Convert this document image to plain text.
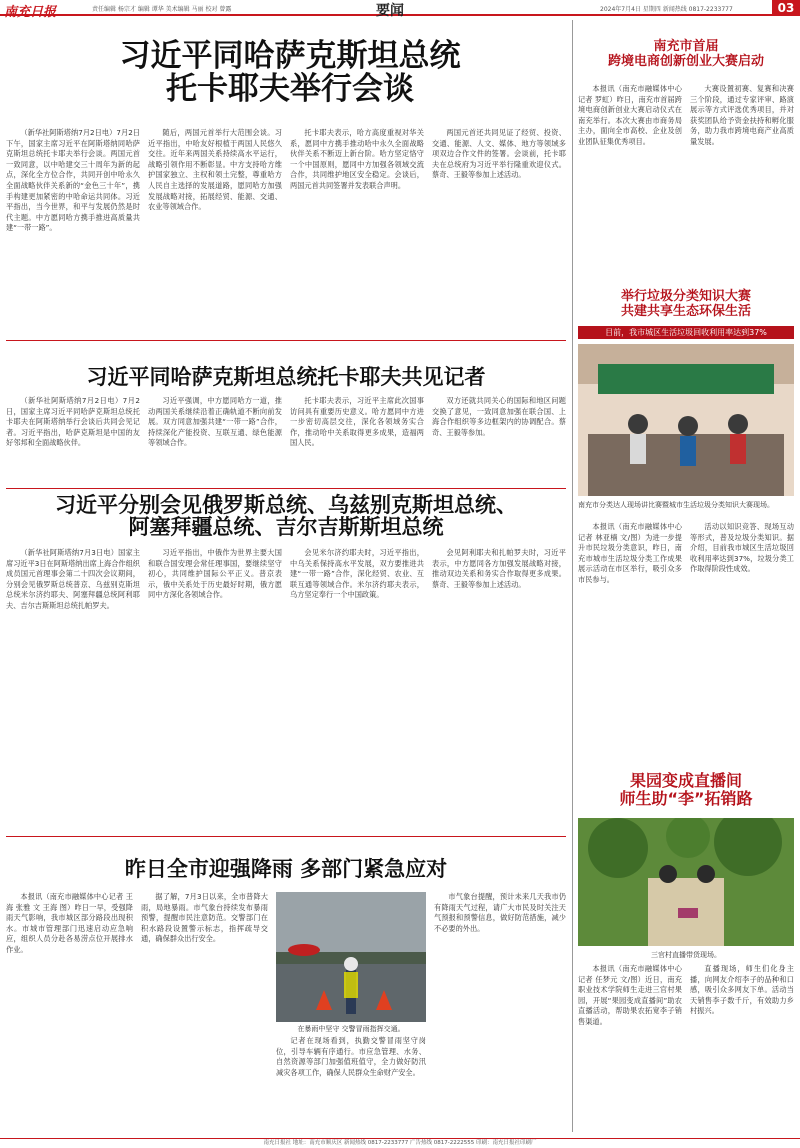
南充日报	责任编辑 杨宗才 编辑 谭华 美术编辑 马丽 校对 曾露	要闻	2024年7月4日 星期四 新闻热线 0817-2233777	03
习近平同哈萨克斯坦总统
托卡耶夫举行会谈

（新华社阿斯塔纳7月2日电）7月2日下午，国家主席习近平在阿斯塔纳同哈萨克斯坦总统托卡耶夫举行会谈。两国元首一致同意，以中哈建交三十周年为新的起点，深化全方位合作，共同开创中哈永久全面战略伙伴关系新的“金色三十年”，携手构建更加紧密的中哈命运共同体。习近平指出，当今世界，和平与发展仍然是时代主题。中方愿同哈方携手推进高质量共建“一带一路”。

随后，两国元首举行大范围会谈。习近平指出，中哈友好根植于两国人民悠久交往。近年来两国关系持续高水平运行，战略引领作用不断彰显。中方支持哈方维护国家独立、主权和领土完整，尊重哈方人民自主选择的发展道路，愿同哈方加强发展战略对接，拓展经贸、能源、交通、农业等领域合作。

托卡耶夫表示，哈方高度重视对华关系，愿同中方携手推动哈中永久全面战略伙伴关系不断迈上新台阶。哈方坚定恪守一个中国原则，愿同中方加强各领域交流合作，共同维护地区安全稳定。会谈后，两国元首共同签署并发表联合声明。

两国元首还共同见证了经贸、投资、交通、能源、人文、媒体、地方等领域多项双边合作文件的签署。会谈前，托卡耶夫在总统府为习近平举行隆重欢迎仪式。蔡奇、王毅等参加上述活动。

习近平同哈萨克斯坦总统托卡耶夫共见记者

（新华社阿斯塔纳7月2日电）7月2日，国家主席习近平同哈萨克斯坦总统托卡耶夫在阿斯塔纳举行会谈后共同会见记者。习近平指出，哈萨克斯坦是中国的友好邻邦和全面战略伙伴。

习近平强调，中方愿同哈方一道，推动两国关系继续沿着正确轨道不断向前发展。双方同意加强共建“一带一路”合作，持续深化产能投资、互联互通、绿色能源等领域合作。

托卡耶夫表示，习近平主席此次国事访问具有重要历史意义。哈方愿同中方进一步密切高层交往，深化各领域务实合作，推动哈中关系取得更多成果，造福两国人民。

双方还就共同关心的国际和地区问题交换了意见，一致同意加强在联合国、上海合作组织等多边框架内的协调配合。蔡奇、王毅等参加。

习近平分别会见俄罗斯总统、乌兹别克斯坦总统、
阿塞拜疆总统、吉尔吉斯斯坦总统

（新华社阿斯塔纳7月3日电）国家主席习近平3日在阿斯塔纳出席上海合作组织成员国元首理事会第二十四次会议期间，分别会见俄罗斯总统普京、乌兹别克斯坦总统米尔济约耶夫、阿塞拜疆总统阿利耶夫、吉尔吉斯斯坦总统扎帕罗夫。

习近平指出，中俄作为世界主要大国和联合国安理会常任理事国，要继续坚守初心，共同维护国际公平正义。普京表示，俄中关系处于历史最好时期，俄方愿同中方深化各领域合作。

会见米尔济约耶夫时，习近平指出，中乌关系保持高水平发展，双方要推进共建“一带一路”合作，深化经贸、农业、互联互通等领域合作。米尔济约耶夫表示，乌方坚定奉行一个中国政策。

会见阿利耶夫和扎帕罗夫时，习近平表示，中方愿同各方加强发展战略对接，推动双边关系和务实合作取得更多成果。蔡奇、王毅等参加上述活动。

昨日全市迎强降雨 多部门紧急应对

本报讯（南充市融媒体中心记者 王海 张雅 文 王海 图）昨日一早，受强降雨天气影响，我市城区部分路段出现积水。市城市管理部门迅速启动应急响应，组织人员分赴各易涝点位开展排水作业。

据了解，7月3日以来，全市普降大雨，局地暴雨。市气象台持续发布暴雨预警，提醒市民注意防范。交警部门在积水路段设置警示标志，指挥疏导交通，确保群众出行安全。

在暴雨中坚守 交警冒雨指挥交通。

记者在现场看到，执勤交警冒雨坚守岗位，引导车辆有序通行。市应急管理、水务、自然资源等部门加强值班值守，全力做好防汛减灾各项工作，确保人民群众生命财产安全。

市气象台提醒，预计未来几天我市仍有降雨天气过程，请广大市民及时关注天气预报和预警信息，做好防范措施，减少不必要的外出。

南充市首届
跨境电商创新创业大赛启动

本报讯（南充市融媒体中心记者 罗虹）昨日，南充市首届跨境电商创新创业大赛启动仪式在南充举行。本次大赛由市商务局主办，面向全市高校、企业及创业团队征集优秀项目。

大赛设置初赛、复赛和决赛三个阶段，通过专家评审、路演展示等方式评选优秀项目，并对获奖团队给予资金扶持和孵化服务，助力我市跨境电商产业高质量发展。

举行垃圾分类知识大赛
共建共享生态环保生活
目前，我市城区生活垃圾回收利用率达到37%
南充市分类达人现场讲比赛暨城市生活垃圾分类知识大赛现场。

本报讯（南充市融媒体中心记者 林亚楠 文/图）为进一步提升市民垃圾分类意识，昨日，南充市城市生活垃圾分类工作成果展示活动在市区举行，吸引众多市民参与。

活动以知识竞答、现场互动等形式，普及垃圾分类知识。据介绍，目前我市城区生活垃圾回收利用率达到37%，垃圾分类工作取得阶段性成效。

果园变成直播间
师生助“李”拓销路
三官村直播带货现场。

本报讯（南充市融媒体中心记者 任梦元 文/图）近日，南充职业技术学院师生走进三官村果园，开展“果园变成直播间”助农直播活动，帮助果农拓宽李子销售渠道。

直播现场，师生们化身主播，向网友介绍李子的品种和口感，吸引众多网友下单。活动当天销售李子数千斤，有效助力乡村振兴。

南充日报社 地址：南充市顺庆区 新闻热线 0817-2233777 广告热线 0817-2222555 印刷：南充日报社印刷厂
